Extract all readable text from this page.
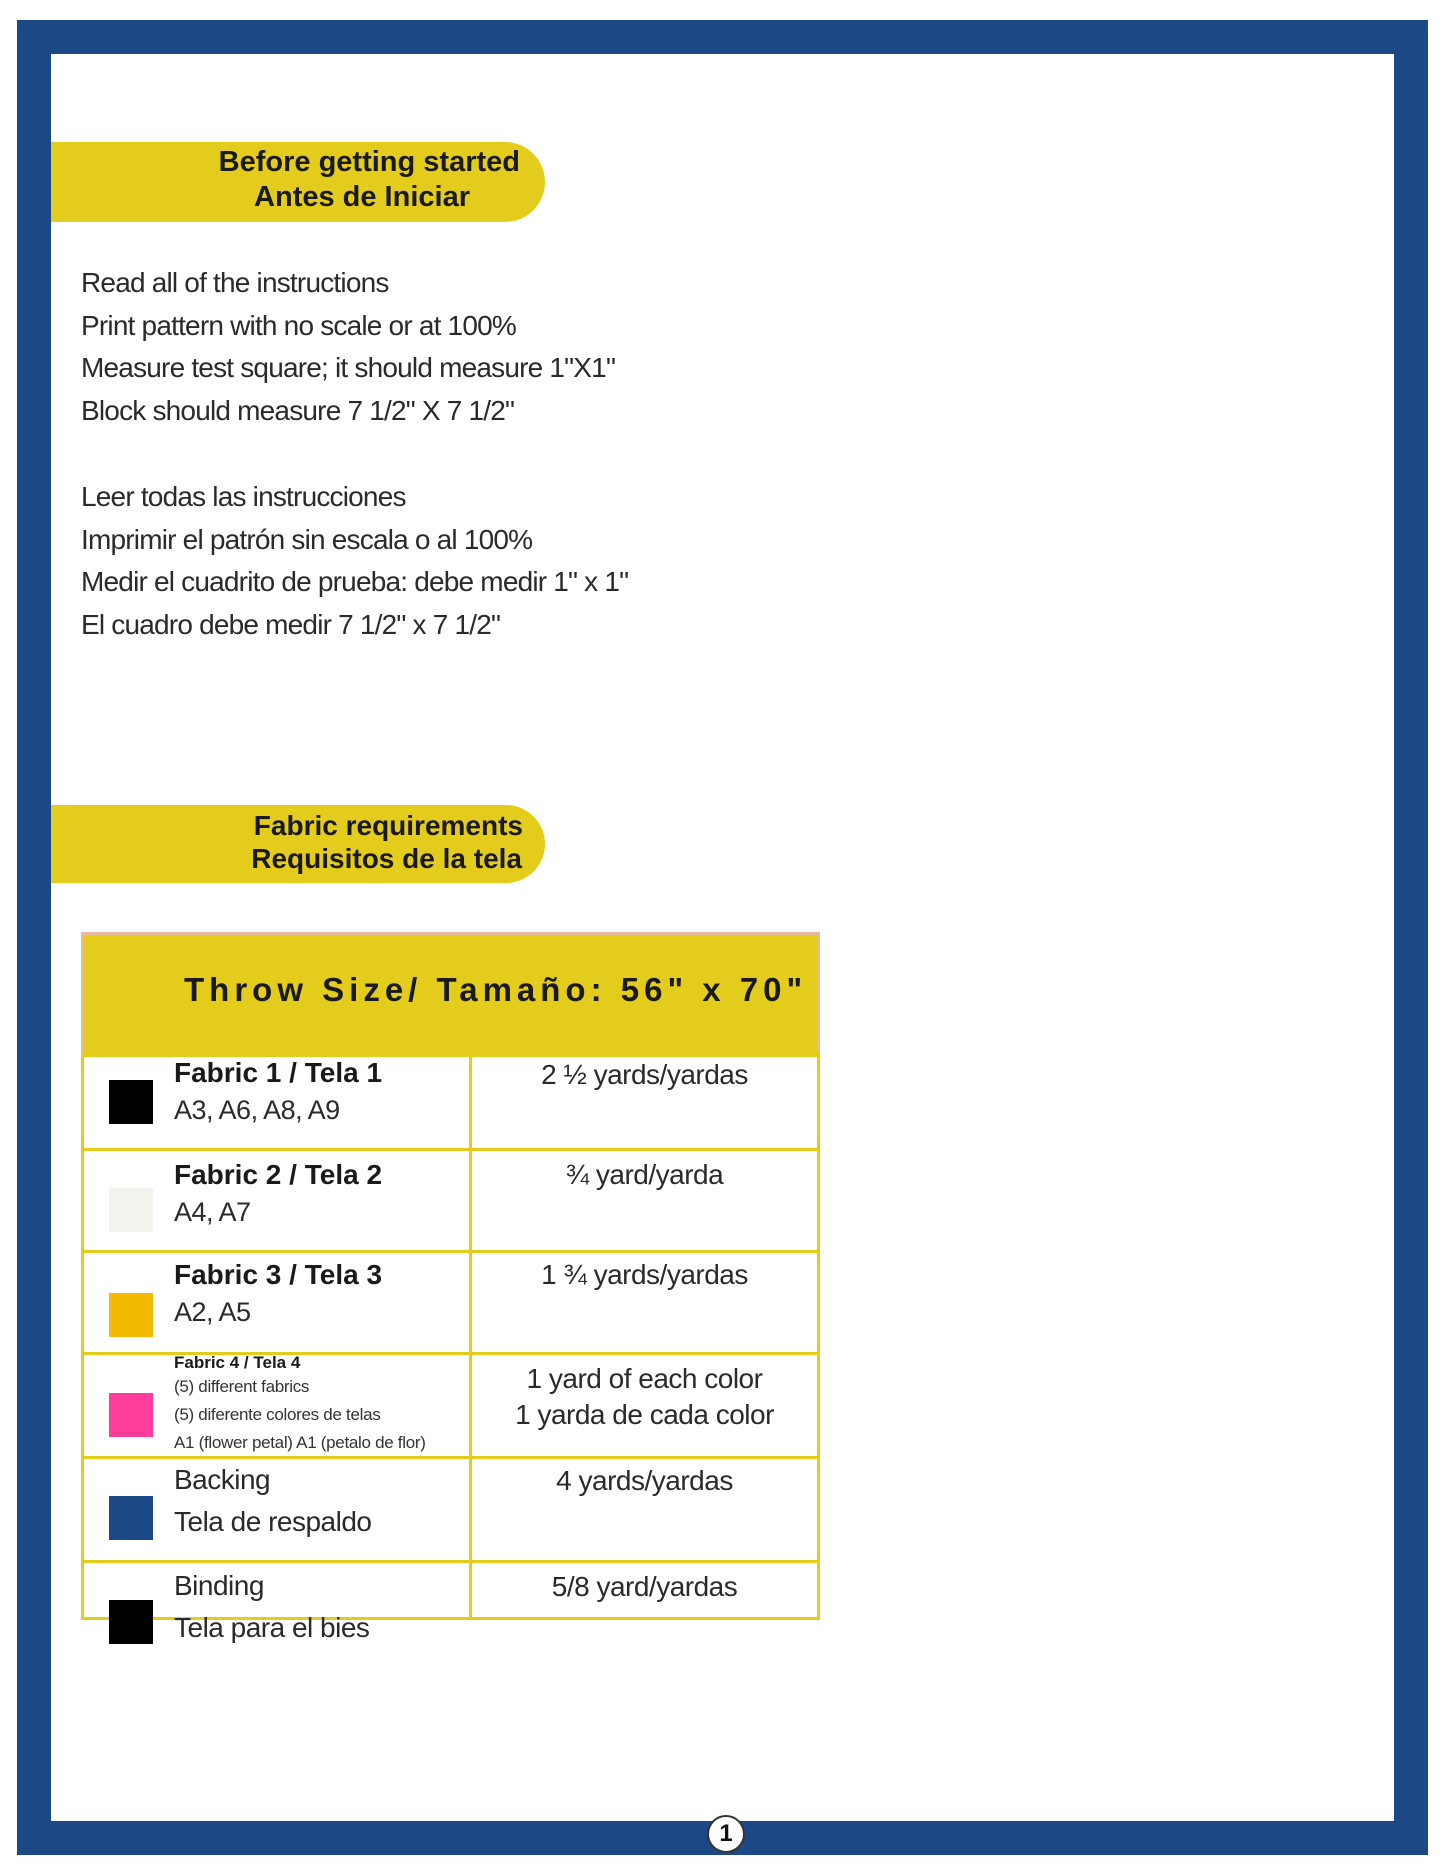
Before getting started
Antes de Iniciar
Read all of the instructions
Print pattern with no scale or at 100%
Measure test square; it should measure 1"X1"
Block should measure 7 1/2" X 7 1/2"
Leer todas las instrucciones
Imprimir el patrón sin escala o al 100%
Medir el cuadrito de prueba: debe medir 1" x 1"
El cuadro debe medir 7 1/2" x 7 1/2"
Fabric requirements
Requisitos de la tela
Throw Size/ Tamaño: 56" x 70"
Fabric 1 / Tela 1
A3, A6, A8, A9
2 ½ yards/yardas
Fabric 2 / Tela 2
A4, A7
¾ yard/yarda
Fabric 3 / Tela 3
A2, A5
1 ¾ yards/yardas
Fabric 4 / Tela 4
(5) different fabrics
(5) diferente colores de telas
A1 (flower petal) A1 (petalo de flor)
1 yard of each color
1 yarda de cada color
Backing
Tela de respaldo
4 yards/yardas
Binding
Tela para el bies
5/8 yard/yardas
1
